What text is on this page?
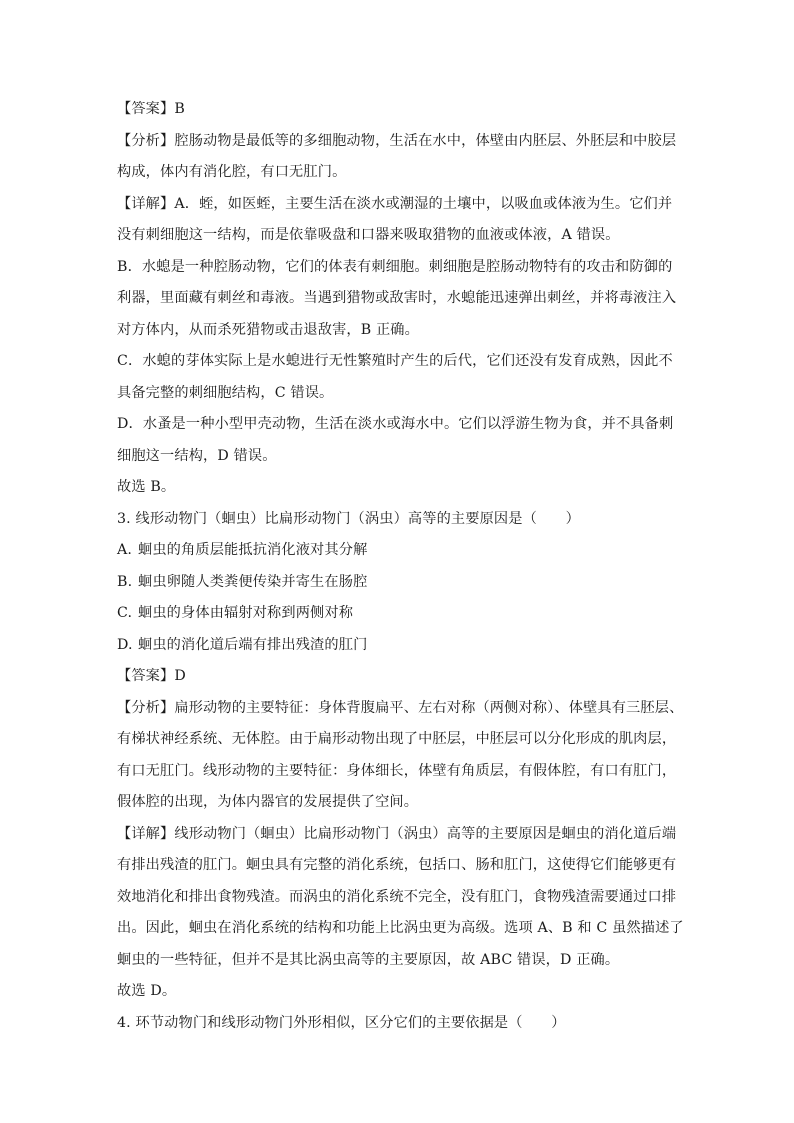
【答案】B
【分析】腔肠动物是最低等的多细胞动物，生活在水中，体壁由内胚层、外胚层和中胶层
构成，体内有消化腔，有口无肛门。
【详解】A．蛭，如医蛭，主要生活在淡水或潮湿的土壤中，以吸血或体液为生。它们并
没有刺细胞这一结构，而是依靠吸盘和口器来吸取猎物的血液或体液，A 错误。
B．水螅是一种腔肠动物，它们的体表有刺细胞。刺细胞是腔肠动物特有的攻击和防御的
利器，里面藏有刺丝和毒液。当遇到猎物或敌害时，水螅能迅速弹出刺丝，并将毒液注入
对方体内，从而杀死猎物或击退敌害，B 正确。
C．水螅的芽体实际上是水螅进行无性繁殖时产生的后代，它们还没有发育成熟，因此不
具备完整的刺细胞结构，C 错误。
D．水蚤是一种小型甲壳动物，生活在淡水或海水中。它们以浮游生物为食，并不具备刺
细胞这一结构，D 错误。
故选 B。
3. 线形动物门（蛔虫）比扁形动物门（涡虫）高等的主要原因是（　　）
A. 蛔虫的角质层能抵抗消化液对其分解
B. 蛔虫卵随人类粪便传染并寄生在肠腔
C. 蛔虫的身体由辐射对称到两侧对称
D. 蛔虫的消化道后端有排出残渣的肛门
【答案】D
【分析】扁形动物的主要特征：身体背腹扁平、左右对称（两侧对称）、体壁具有三胚层、
有梯状神经系统、无体腔。由于扁形动物出现了中胚层，中胚层可以分化形成的肌肉层，
有口无肛门。线形动物的主要特征：身体细长，体壁有角质层，有假体腔，有口有肛门，
假体腔的出现，为体内器官的发展提供了空间。
【详解】线形动物门（蛔虫）比扁形动物门（涡虫）高等的主要原因是蛔虫的消化道后端
有排出残渣的肛门。蛔虫具有完整的消化系统，包括口、肠和肛门，这使得它们能够更有
效地消化和排出食物残渣。而涡虫的消化系统不完全，没有肛门，食物残渣需要通过口排
出。因此，蛔虫在消化系统的结构和功能上比涡虫更为高级。选项 A、B 和 C 虽然描述了
蛔虫的一些特征，但并不是其比涡虫高等的主要原因，故 ABC 错误，D 正确。
故选 D。
4. 环节动物门和线形动物门外形相似，区分它们的主要依据是（　　）
